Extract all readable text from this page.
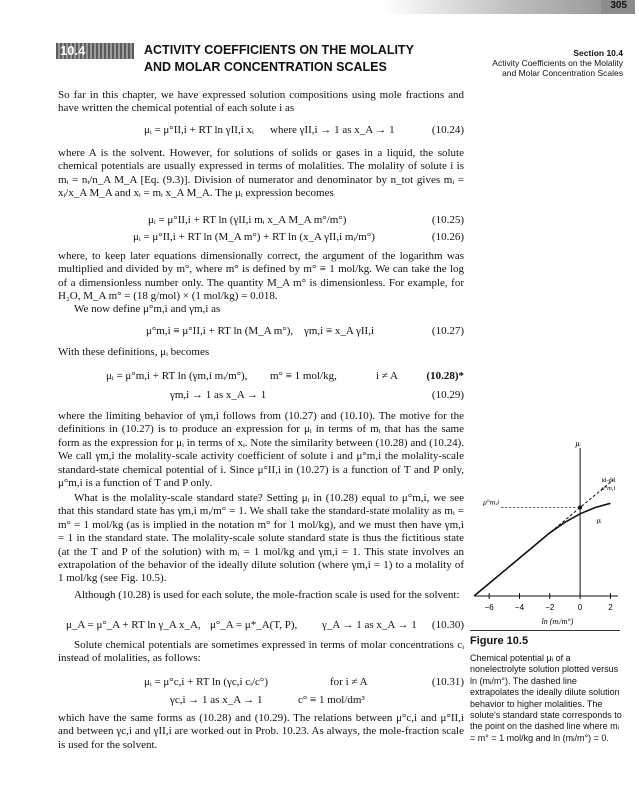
305
10.4	ACTIVITY COEFFICIENTS ON THE MOLALITY
AND MOLAR CONCENTRATION SCALES
Section 10.4
Activity Coefficients on the Molality
and Molar Concentration Scales

So far in this chapter, we have expressed solution compositions using mole fractions and have written the chemical potential of each solute i as

μᵢ = μ°II,i + RT ln γII,i xᵢ where γII,i → 1 as x_A → 1	(10.24)

where A is the solvent. However, for solutions of solids or gases in a liquid, the solute chemical potentials are usually expressed in terms of molalities. The molality of solute i is mᵢ = nᵢ/n_A M_A [Eq. (9.3)]. Division of numerator and denominator by n_tot gives mᵢ = xᵢ/x_A M_A and xᵢ = mᵢ x_A M_A. The μᵢ expression becomes

μᵢ = μ°II,i + RT ln (γII,i mᵢ x_A M_A m°/m°)	(10.25)
μᵢ = μ°II,i + RT ln (M_A m°) + RT ln (x_A γII,i mᵢ/m°)	(10.26)

where, to keep later equations dimensionally correct, the argument of the logarithm was multiplied and divided by m°, where m° is defined by m° ≡ 1 mol/kg. We can take the log of a dimensionless number only. The quantity M_A m° is dimensionless. For example, for H₂O, M_A m° = (18 g/mol) × (1 mol/kg) = 0.018.

We now define μ°m,i and γm,i as

μ°m,i ≡ μ°II,i + RT ln (M_A m°), γm,i ≡ x_A γII,i	(10.27)

With these definitions, μᵢ becomes

μᵢ = μ°m,i + RT ln (γm,i mᵢ/m°), m° ≡ 1 mol/kg,	i ≠ A	(10.28)*
γm,i → 1 as x_A → 1	(10.29)

where the limiting behavior of γm,i follows from (10.27) and (10.10). The motive for the definitions in (10.27) is to produce an expression for μᵢ in terms of mᵢ that has the same form as the expression for μᵢ in terms of xᵢ. Note the similarity between (10.28) and (10.24). We call γm,i the molality-scale activity coefficient of solute i and μ°m,i the molality-scale standard-state chemical potential of i. Since μ°II,i in (10.27) is a function of T and P only, μ°m,i is a function of T and P only.

What is the molality-scale standard state? Setting μᵢ in (10.28) equal to μ°m,i, we see that this standard state has γm,i mᵢ/m° = 1. We shall take the standard-state molality as mᵢ = m° = 1 mol/kg (as is implied in the notation m° for 1 mol/kg), and we must then have γm,i = 1 in the standard state. The molality-scale solute standard state is thus the fictitious state (at the T and P of the solution) with mᵢ = 1 mol/kg and γm,i = 1. This state involves an extrapolation of the behavior of the ideally dilute solution (where γm,i = 1) to a molality of 1 mol/kg (see Fig. 10.5).

Although (10.28) is used for each solute, the mole-fraction scale is used for the solvent:

μ_A = μ°_A + RT ln γ_A x_A, μ°_A = μ*_A(T, P), γ_A → 1 as x_A → 1 (10.30)

Solute chemical potentials are sometimes expressed in terms of molar concentrations cᵢ instead of molalities, as follows:

μᵢ = μ°c,i + RT ln (γc,i cᵢ/c°)	for i ≠ A	(10.31)
γc,i → 1 as x_A → 1	c° ≡ 1 mol/dm³

which have the same forms as (10.28) and (10.29). The relations between μ°c,i and μ°II,i and between γc,i and γII,i are worked out in Prob. 10.23. As always, the mole-fraction scale is used for the solvent.

−6	−4	−2	0	2
ln (mᵢ/m°)
μᵢ
μ°m,i
μᵢ
id-dil
μ°m,i
Figure 10.5
Chemical potential μᵢ of a nonelectrolyte solution plotted versus ln (mᵢ/m°). The dashed line extrapolates the ideally dilute solution behavior to higher molalities. The solute's standard state corresponds to the point on the dashed line where mᵢ = m° = 1 mol/kg and ln (mᵢ/m°) = 0.
